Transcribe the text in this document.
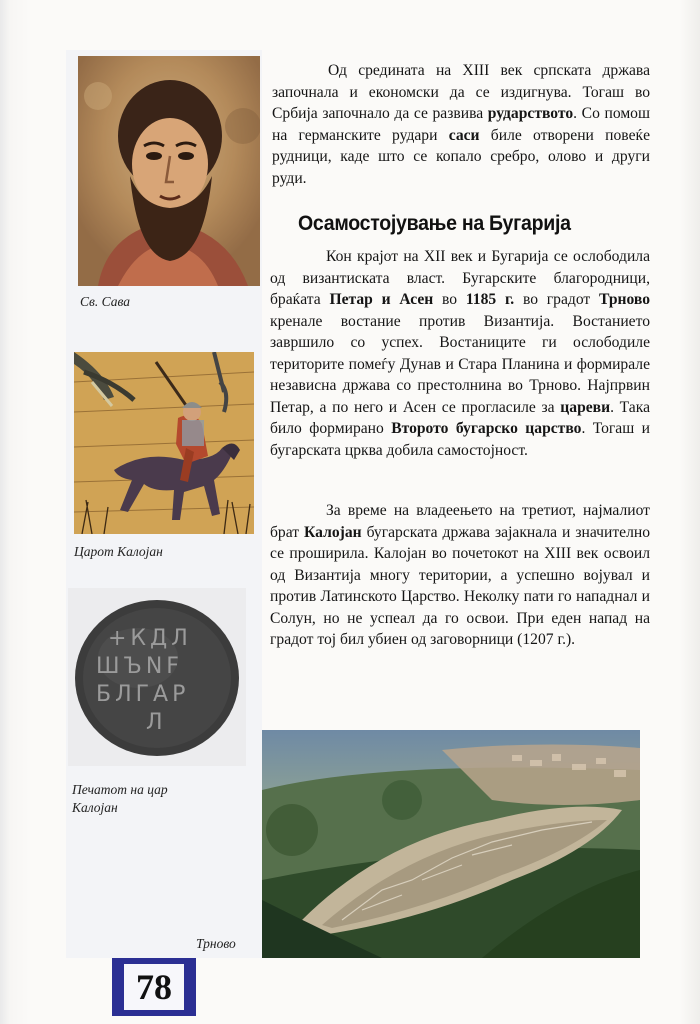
Св. Сава
Царот Калојан
+КДЛ
ШЪNF
БЛГАР
Л
Печатот на цар
Калојан
Од средината на XIII век српската држава започнала и економски да се издигнува. Тогаш во Србија започнало да се развива рударството. Со помош на германските рудари саси биле отворени повеќе рудници, каде што се копало сребро, олово и други руди.
Осамостојување на Бугарија
Кон крајот на XII век и Бугарија се ослободила од византиската власт. Бугарските благородници, браќата Петар и Асен во 1185 г. во градот Трново кренале востание против Византија. Востанието завршило со успех. Востаниците ги ослободиле територите помеѓу Дунав и Стара Планина и формирале независна држава со престолнина во Трново. Најпрвин Петар, а по него и Асен се прогласиле за цареви. Така било формирано Второто бугарско царство. Тогаш и бугарската црква добила самостојност.
За време на владеењето на третиот, најмалиот брат Калојан бугарската држава зајакнала и значително се проширила. Калојан во почетокот на XIII век освоил од Византија многу територии, а успешно војувал и против Латинското Царство. Неколку пати го нападнал и Солун, но не успеал да го освои. При еден напад на градот тој бил убиен од заговорници (1207 г.).
Трново
78
